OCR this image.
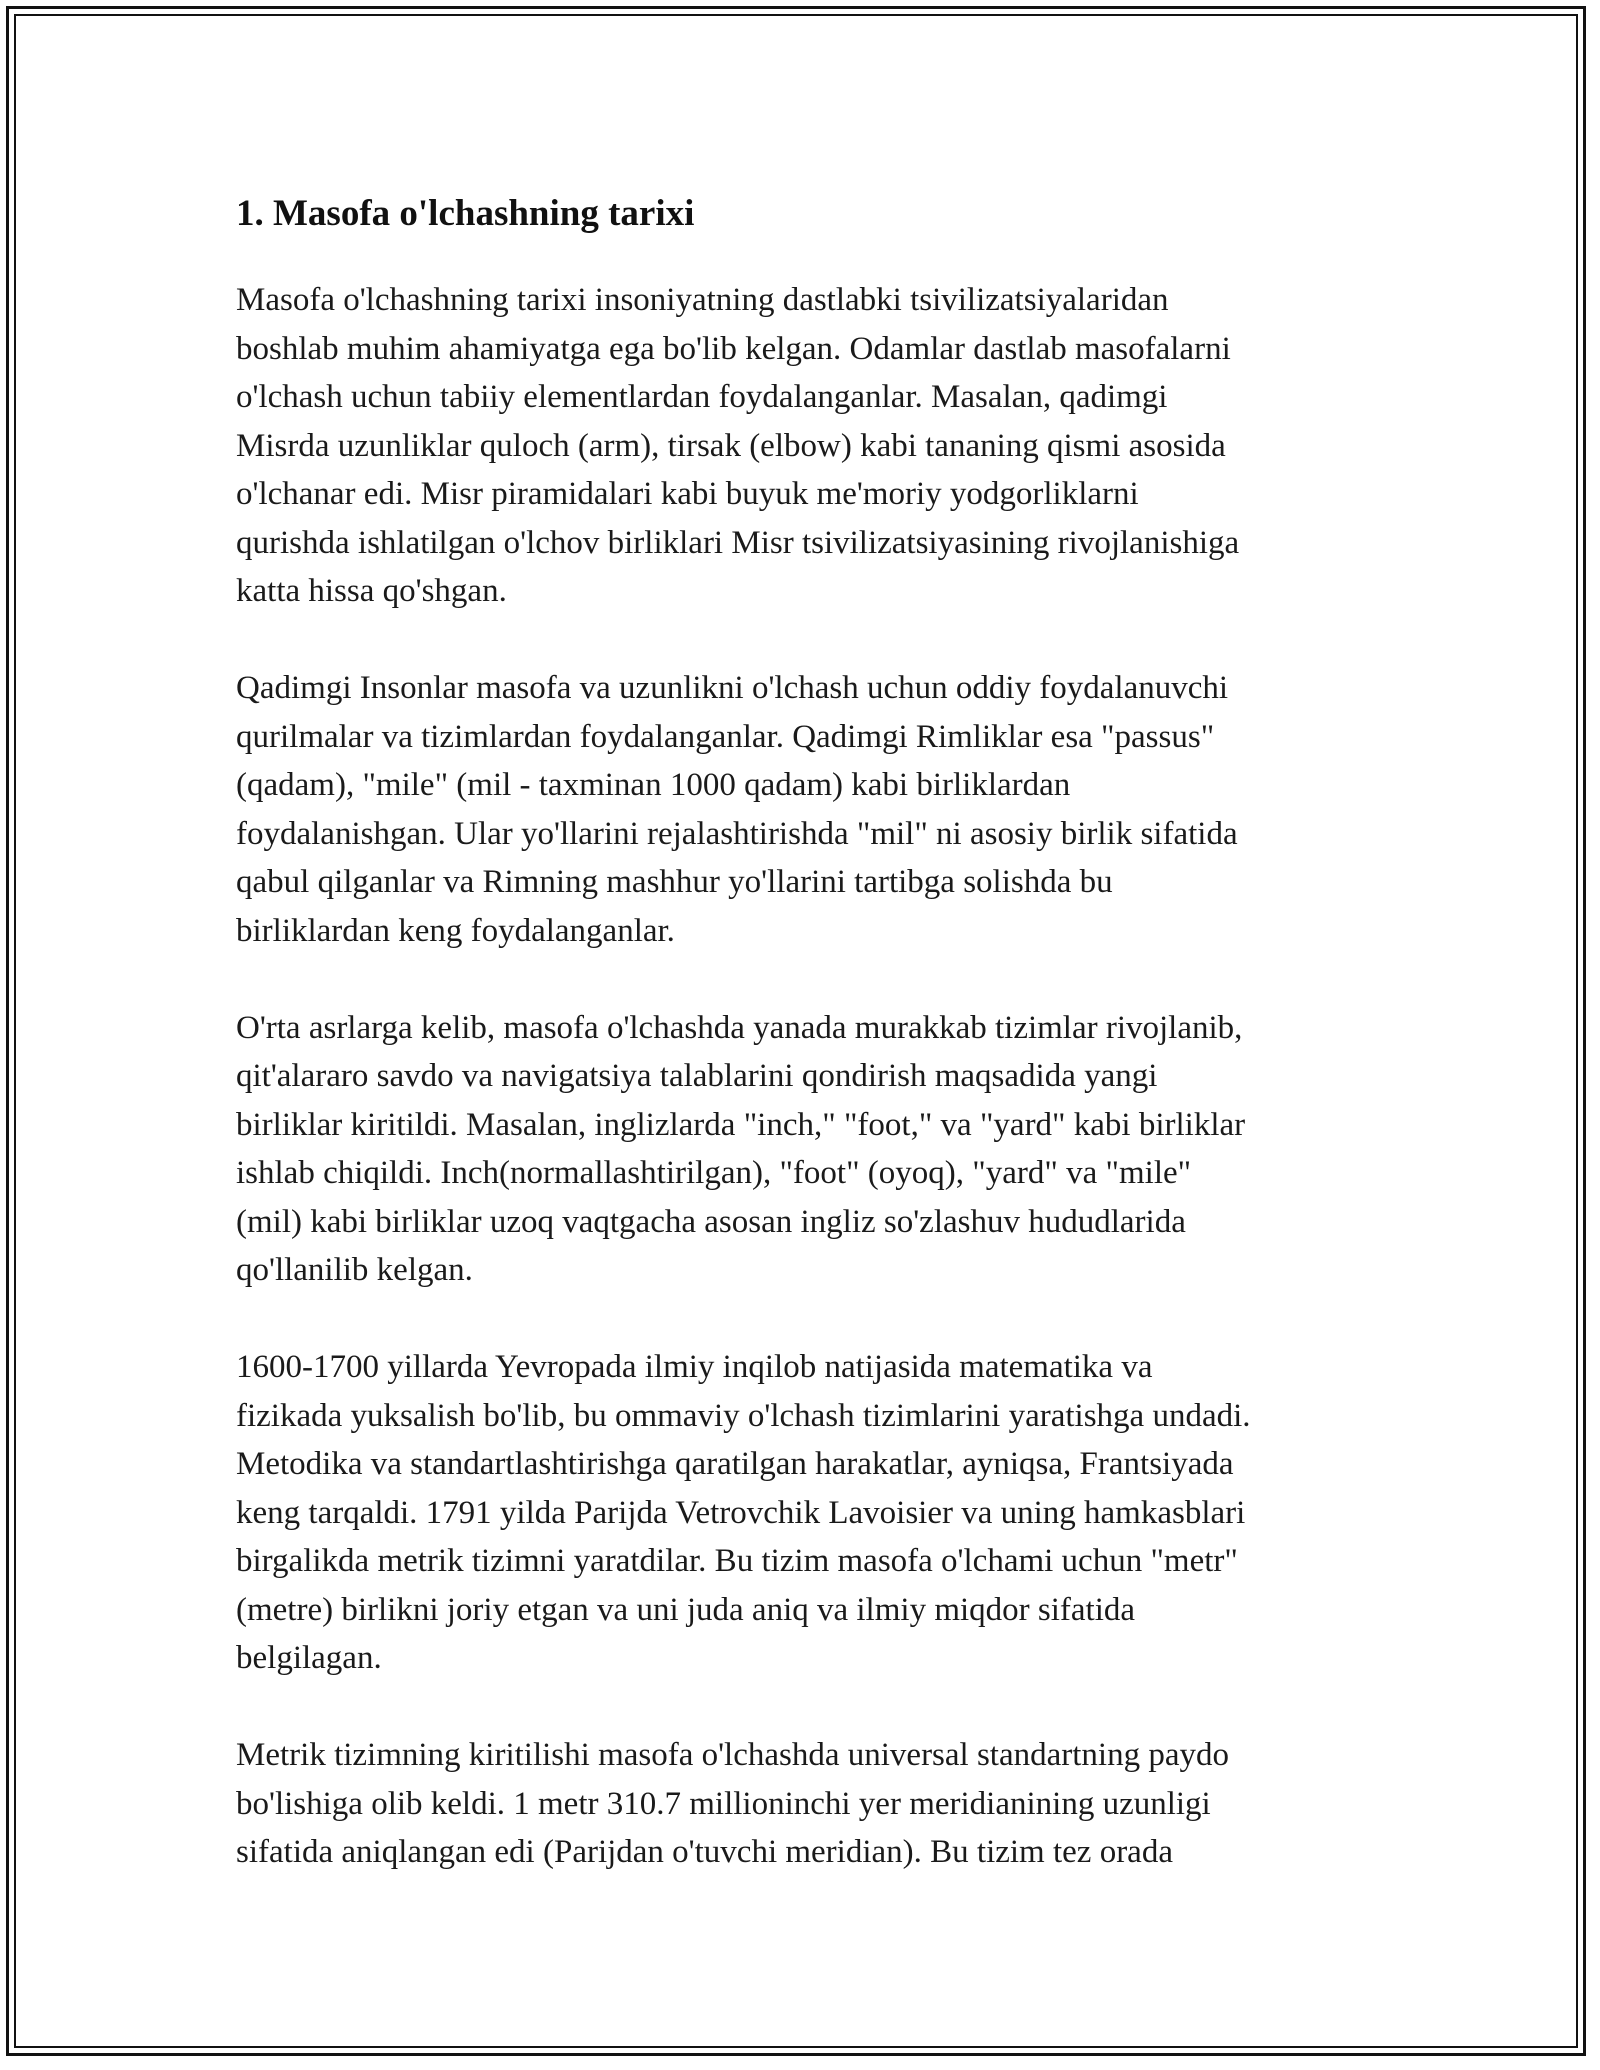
1. Masofa o'lchashning tarixi

Masofa o'lchashning tarixi insoniyatning dastlabki tsivilizatsiyalaridan
boshlab muhim ahamiyatga ega bo'lib kelgan. Odamlar dastlab masofalarni
o'lchash uchun tabiiy elementlardan foydalanganlar. Masalan, qadimgi
Misrda uzunliklar quloch (arm), tirsak (elbow) kabi tananing qismi asosida
o'lchanar edi. Misr piramidalari kabi buyuk me'moriy yodgorliklarni
qurishda ishlatilgan o'lchov birliklari Misr tsivilizatsiyasining rivojlanishiga
katta hissa qo'shgan.

Qadimgi Insonlar masofa va uzunlikni o'lchash uchun oddiy foydalanuvchi
qurilmalar va tizimlardan foydalanganlar. Qadimgi Rimliklar esa "passus"
(qadam), "mile" (mil - taxminan 1000 qadam) kabi birliklardan
foydalanishgan. Ular yo'llarini rejalashtirishda "mil" ni asosiy birlik sifatida
qabul qilganlar va Rimning mashhur yo'llarini tartibga solishda bu
birliklardan keng foydalanganlar.

O'rta asrlarga kelib, masofa o'lchashda yanada murakkab tizimlar rivojlanib,
qit'alararo savdo va navigatsiya talablarini qondirish maqsadida yangi
birliklar kiritildi. Masalan, inglizlarda "inch," "foot," va "yard" kabi birliklar
ishlab chiqildi. Inch(normallashtirilgan), "foot" (oyoq), "yard" va "mile"
(mil) kabi birliklar uzoq vaqtgacha asosan ingliz so'zlashuv hududlarida
qo'llanilib kelgan.

1600-1700 yillarda Yevropada ilmiy inqilob natijasida matematika va
fizikada yuksalish bo'lib, bu ommaviy o'lchash tizimlarini yaratishga undadi.
Metodika va standartlashtirishga qaratilgan harakatlar, ayniqsa, Frantsiyada
keng tarqaldi. 1791 yilda Parijda Vetrovchik Lavoisier va uning hamkasblari
birgalikda metrik tizimni yaratdilar. Bu tizim masofa o'lchami uchun "metr"
(metre) birlikni joriy etgan va uni juda aniq va ilmiy miqdor sifatida
belgilagan.

Metrik tizimning kiritilishi masofa o'lchashda universal standartning paydo
bo'lishiga olib keldi. 1 metr 310.7 millioninchi yer meridianining uzunligi
sifatida aniqlangan edi (Parijdan o'tuvchi meridian). Bu tizim tez orada
